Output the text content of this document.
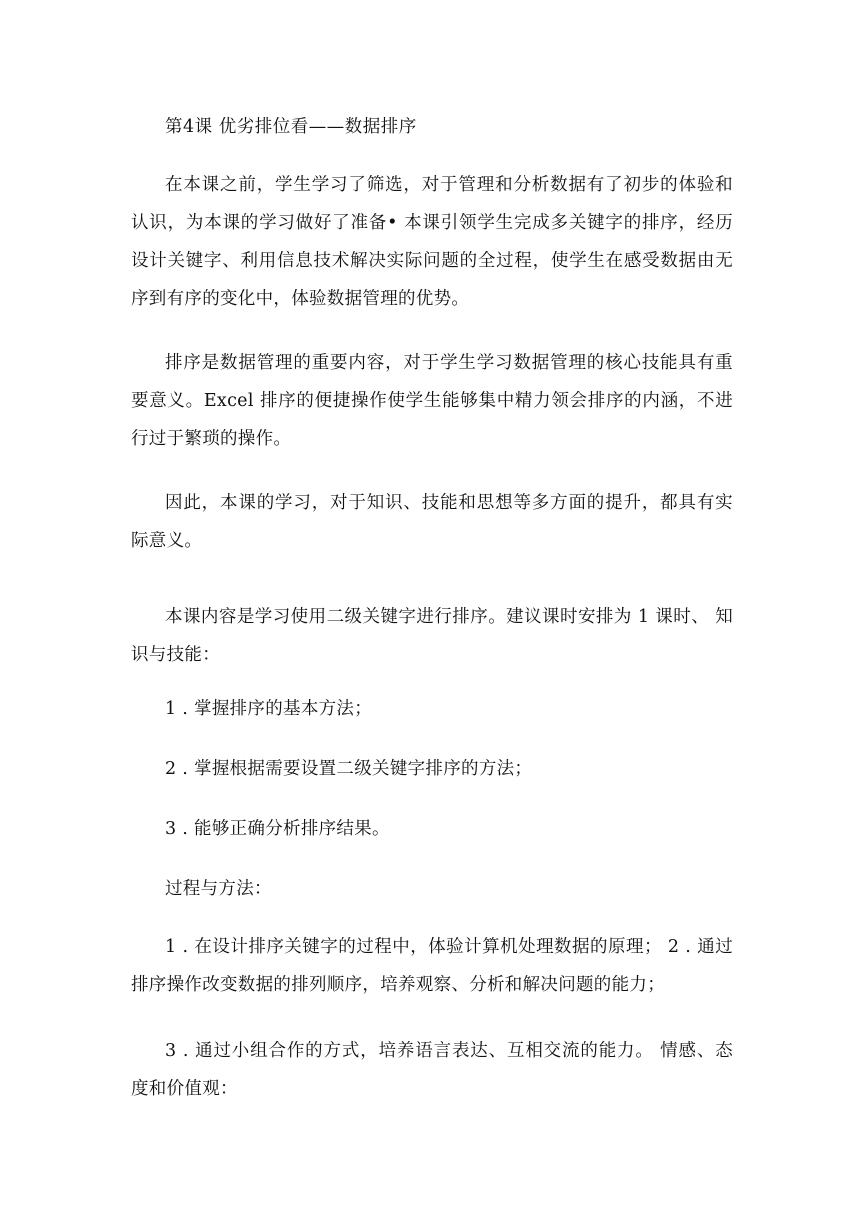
第4课 优劣排位看——数据排序

在本课之前，学生学习了筛选，对于管理和分析数据有了初步的体验和认识，为本课的学习做好了准备• 本课引领学生完成多关键字的排序，经历设计关键字、利用信息技术解决实际问题的全过程，使学生在感受数据由无序到有序的变化中，体验数据管理的优势。

排序是数据管理的重要内容，对于学生学习数据管理的核心技能具有重要意义。Excel 排序的便捷操作使学生能够集中精力领会排序的内涵，不进行过于繁琐的操作。

因此，本课的学习，对于知识、技能和思想等多方面的提升，都具有实际意义。

本课内容是学习使用二级关键字进行排序。建议课时安排为 1 课时、 知识与技能：

1 . 掌握排序的基本方法；

2 . 掌握根据需要设置二级关键字排序的方法；

3 . 能够正确分析排序结果。

过程与方法：

1 . 在设计排序关键字的过程中，体验计算机处理数据的原理； 2 . 通过排序操作改变数据的排列顺序，培养观察、分析和解决问题的能力；

3 . 通过小组合作的方式，培养语言表达、互相交流的能力。 情感、态度和价值观：
